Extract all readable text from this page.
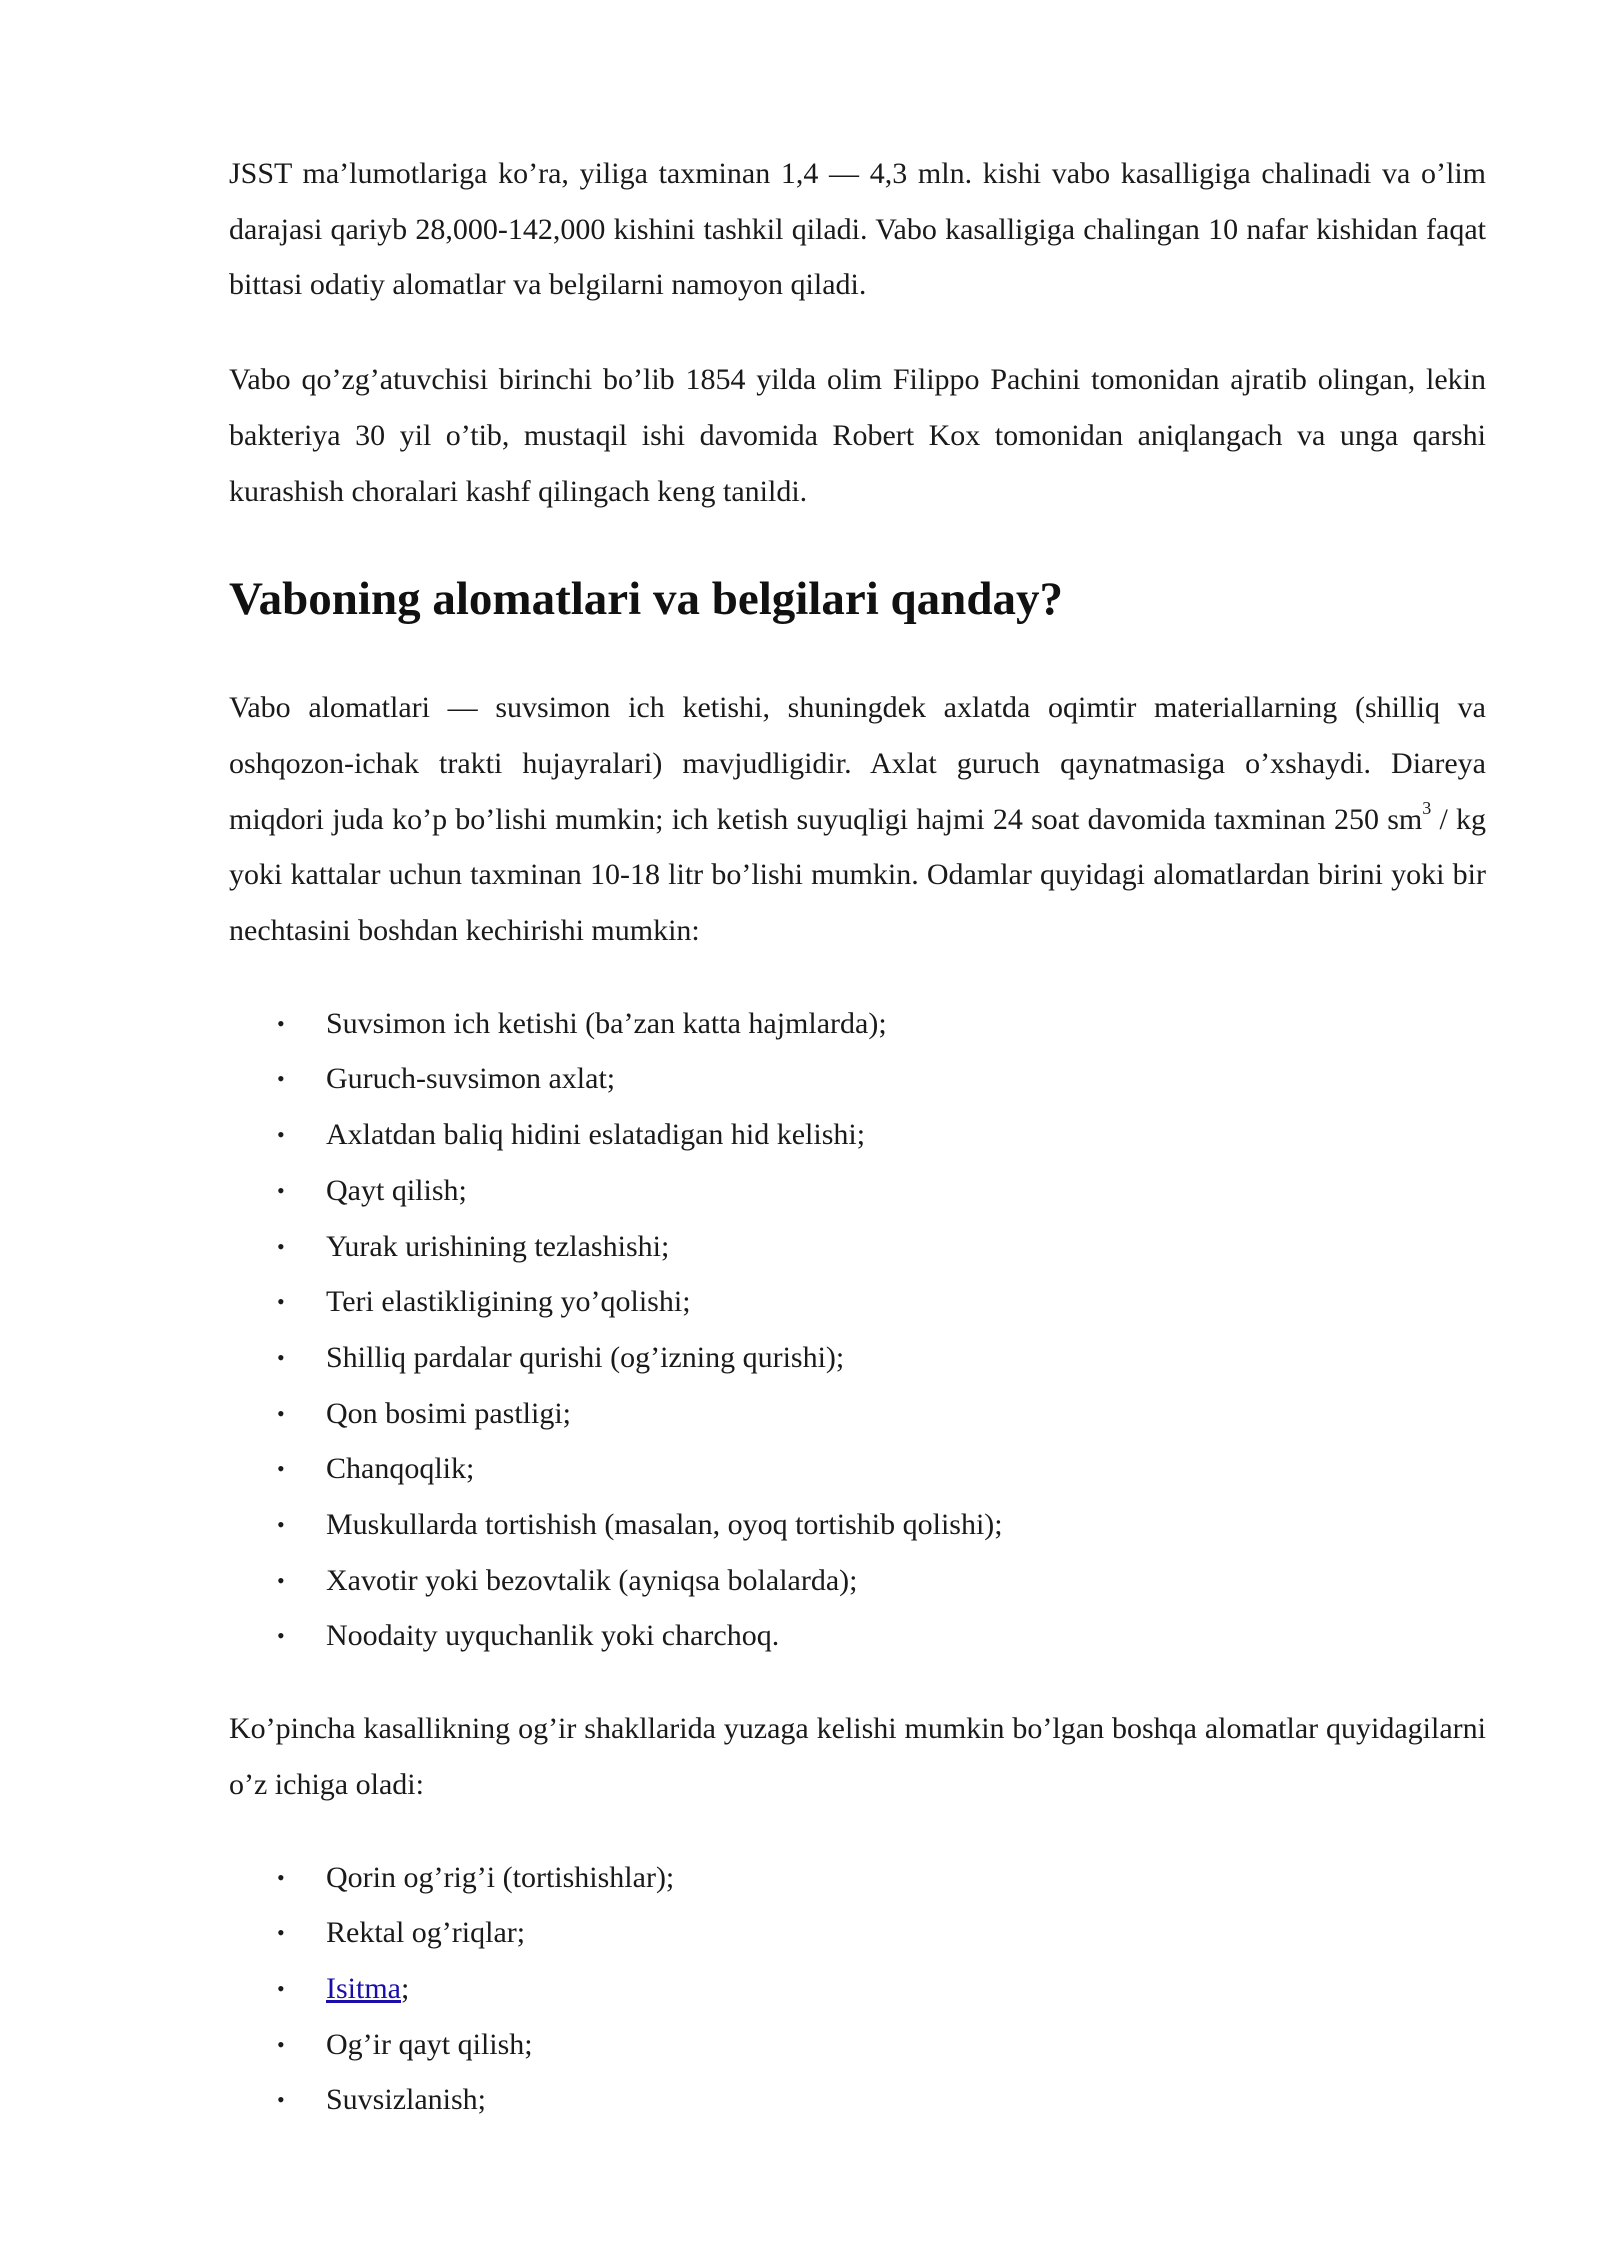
JSST ma’lumotlariga ko’ra, yiliga taxminan 1,4 — 4,3 mln. kishi vabo kasalligiga chalinadi va o’lim darajasi qariyb 28,000-142,000 kishini tashkil qiladi. Vabo kasalligiga chalingan 10 nafar kishidan faqat bittasi odatiy alomatlar va belgilarni namoyon qiladi.

Vabo qo’zg’atuvchisi birinchi bo’lib 1854 yilda olim Filippo Pachini tomonidan ajratib olingan, lekin bakteriya 30 yil o’tib, mustaqil ishi davomida Robert Kox tomonidan aniqlangach va unga qarshi kurashish choralari kashf qilingach keng tanildi.

Vaboning alomatlari va belgilari qanday?

Vabo alomatlari — suvsimon ich ketishi, shuningdek axlatda oqimtir materiallarning (shilliq va oshqozon-ichak trakti hujayralari) mavjudligidir. Axlat guruch qaynatmasiga o’xshaydi. Diareya miqdori juda ko’p bo’lishi mumkin; ich ketish suyuqligi hajmi 24 soat davomida taxminan 250 $sm^3$ / kg yoki kattalar uchun taxminan 10-18 litr bo’lishi mumkin. Odamlar quyidagi alomatlardan birini yoki bir nechtasini boshdan kechirishi mumkin:

• Suvsimon ich ketishi (ba’zan katta hajmlarda);
• Guruch-suvsimon axlat;
• Axlatdan baliq hidini eslatadigan hid kelishi;
• Qayt qilish;
• Yurak urishining tezlashishi;
• Teri elastikligining yo’qolishi;
• Shilliq pardalar qurishi (og’izning qurishi);
• Qon bosimi pastligi;
• Chanqoqlik;
• Muskullarda tortishish (masalan, oyoq tortishib qolishi);
• Xavotir yoki bezovtalik (ayniqsa bolalarda);
• Noodaity uyquchanlik yoki charchoq.

Ko’pincha kasallikning og’ir shakllarida yuzaga kelishi mumkin bo’lgan boshqa alomatlar quyidagilarni o’z ichiga oladi:

• Qorin og’rig’i (tortishishlar);
• Rektal og’riqlar;
• Isitma;
• Og’ir qayt qilish;
• Suvsizlanish;
